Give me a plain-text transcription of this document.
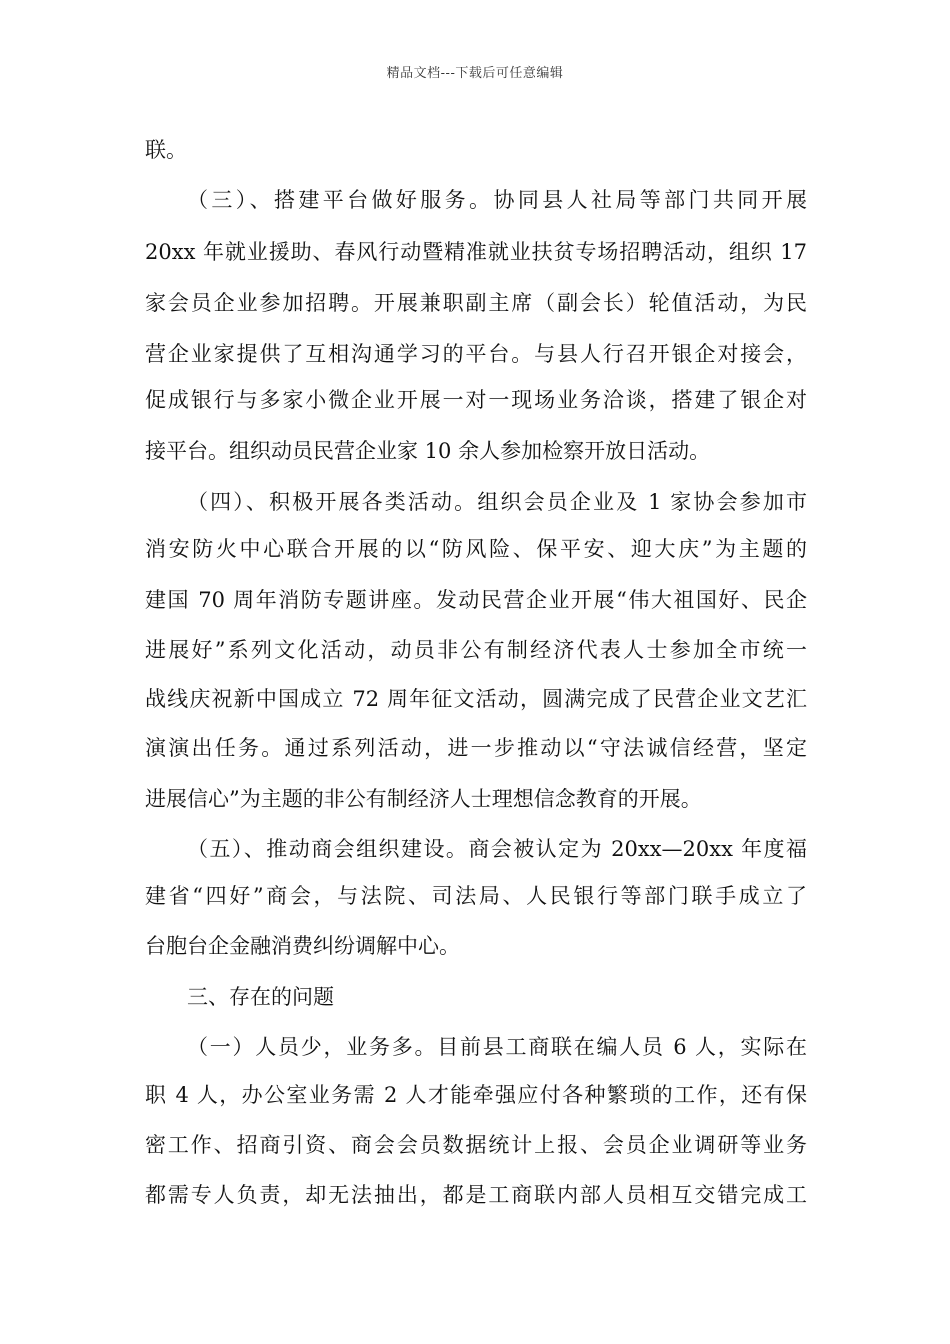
精品文档---下载后可任意编辑
联。
（三）、搭建平台做好服务。协同县人社局等部门共同开展
20xx 年就业援助、春风行动暨精准就业扶贫专场招聘活动，组织 17
家会员企业参加招聘。开展兼职副主席（副会长）轮值活动，为民
营企业家提供了互相沟通学习的平台。与县人行召开银企对接会，
促成银行与多家小微企业开展一对一现场业务洽谈，搭建了银企对
接平台。组织动员民营企业家 10 余人参加检察开放日活动。
（四）、积极开展各类活动。组织会员企业及 1 家协会参加市
消安防火中心联合开展的以“防风险、保平安、迎大庆”为主题的
建国 70 周年消防专题讲座。发动民营企业开展“伟大祖国好、民企
进展好”系列文化活动，动员非公有制经济代表人士参加全市统一
战线庆祝新中国成立 72 周年征文活动，圆满完成了民营企业文艺汇
演演出任务。通过系列活动，进一步推动以“守法诚信经营，坚定
进展信心”为主题的非公有制经济人士理想信念教育的开展。
（五）、推动商会组织建设。商会被认定为 20xx—20xx 年度福
建省“四好”商会，与法院、司法局、人民银行等部门联手成立了
台胞台企金融消费纠纷调解中心。
三、存在的问题
（一）人员少，业务多。目前县工商联在编人员 6 人，实际在
职 4 人，办公室业务需 2 人才能牵强应付各种繁琐的工作，还有保
密工作、招商引资、商会会员数据统计上报、会员企业调研等业务
都需专人负责，却无法抽出，都是工商联内部人员相互交错完成工
